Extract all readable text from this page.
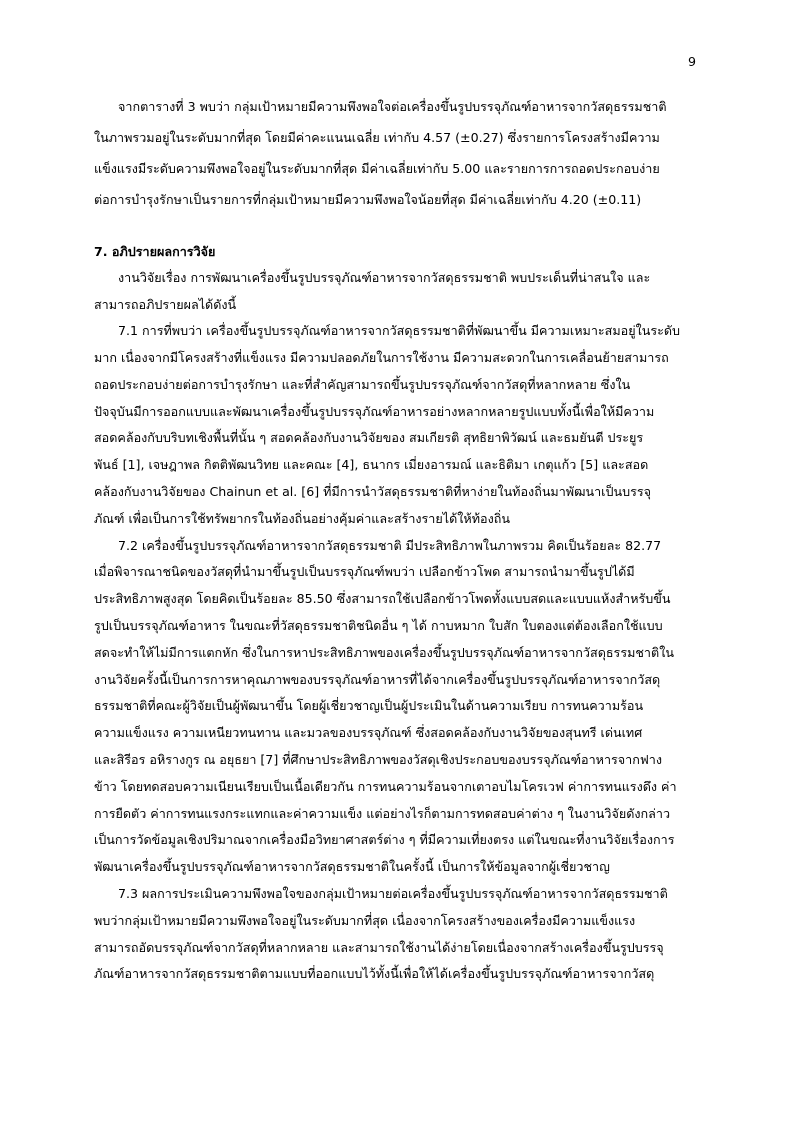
9
จากตารางที่ 3 พบว่า กลุ่มเป้าหมายมีความพึงพอใจต่อเครื่องขึ้นรูปบรรจุภัณฑ์อาหารจากวัสดุธรรมชาติ
ในภาพรวมอยู่ในระดับมากที่สุด โดยมีค่าคะแนนเฉลี่ย เท่ากับ 4.57 (±0.27) ซึ่งรายการโครงสร้างมีความ
แข็งแรงมีระดับความพึงพอใจอยู่ในระดับมากที่สุด มีค่าเฉลี่ยเท่ากับ 5.00 และรายการการถอดประกอบง่าย
ต่อการบำรุงรักษาเป็นรายการที่กลุ่มเป้าหมายมีความพึงพอใจน้อยที่สุด มีค่าเฉลี่ยเท่ากับ 4.20 (±0.11)
7. อภิปรายผลการวิจัย
งานวิจัยเรื่อง การพัฒนาเครื่องขึ้นรูปบรรจุภัณฑ์อาหารจากวัสดุธรรมชาติ พบประเด็นที่น่าสนใจ และ
สามารถอภิปรายผลได้ดังนี้
7.1 การที่พบว่า เครื่องขึ้นรูปบรรจุภัณฑ์อาหารจากวัสดุธรรมชาติที่พัฒนาขึ้น มีความเหมาะสมอยู่ในระดับ
มาก เนื่องจากมีโครงสร้างที่แข็งแรง มีความปลอดภัยในการใช้งาน มีความสะดวกในการเคลื่อนย้ายสามารถ
ถอดประกอบง่ายต่อการบำรุงรักษา และที่สำคัญสามารถขึ้นรูปบรรจุภัณฑ์จากวัสดุที่หลากหลาย ซึ่งใน
ปัจจุบันมีการออกแบบและพัฒนาเครื่องขึ้นรูปบรรจุภัณฑ์อาหารอย่างหลากหลายรูปแบบทั้งนี้เพื่อให้มีความ
สอดคล้องกับบริบทเชิงพื้นที่นั้น ๆ สอดคล้องกับงานวิจัยของ สมเกียรติ สุทธิยาพิวัฒน์ และธมยันตี ประยูร
พันธ์ [1], เจษฎาพล กิตติพัฒนวิทย และคณะ [4], ธนากร เมี่ยงอารมณ์ และธิติมา เกตุแก้ว [5] และสอด
คล้องกับงานวิจัยของ Chainun et al. [6] ที่มีการนำวัสดุธรรมชาติที่หาง่ายในท้องถิ่นมาพัฒนาเป็นบรรจุ
ภัณฑ์ เพื่อเป็นการใช้ทรัพยากรในท้องถิ่นอย่างคุ้มค่าและสร้างรายได้ให้ท้องถิ่น
7.2 เครื่องขึ้นรูปบรรจุภัณฑ์อาหารจากวัสดุธรรมชาติ มีประสิทธิภาพในภาพรวม คิดเป็นร้อยละ 82.77
เมื่อพิจารณาชนิดของวัสดุที่นำมาขึ้นรูปเป็นบรรจุภัณฑ์พบว่า เปลือกข้าวโพด สามารถนำมาขึ้นรูปได้มี
ประสิทธิภาพสูงสุด โดยคิดเป็นร้อยละ 85.50 ซึ่งสามารถใช้เปลือกข้าวโพดทั้งแบบสดและแบบแห้งสำหรับขึ้น
รูปเป็นบรรจุภัณฑ์อาหาร ในขณะที่วัสดุธรรมชาติชนิดอื่น ๆ ได้ กาบหมาก ใบสัก ใบตองแต่ต้องเลือกใช้แบบ
สดจะทำให้ไม่มีการแตกหัก ซึ่งในการหาประสิทธิภาพของเครื่องขึ้นรูปบรรจุภัณฑ์อาหารจากวัสดุธรรมชาติใน
งานวิจัยครั้งนี้เป็นการการหาคุณภาพของบรรจุภัณฑ์อาหารที่ได้จากเครื่องขึ้นรูปบรรจุภัณฑ์อาหารจากวัสดุ
ธรรมชาติที่คณะผู้วิจัยเป็นผู้พัฒนาขึ้น โดยผู้เชี่ยวชาญเป็นผู้ประเมินในด้านความเรียบ การทนความร้อน
ความแข็งแรง ความเหนียวทนทาน และมวลของบรรจุภัณฑ์ ซึ่งสอดคล้องกับงานวิจัยของสุนทรี เด่นเทศ
และสิรีอร อหิรางกูร ณ อยุธยา [7] ที่ศึกษาประสิทธิภาพของวัสดุเชิงประกอบของบรรจุภัณฑ์อาหารจากฟาง
ข้าว โดยทดสอบความเนียนเรียบเป็นเนื้อเดียวกัน การทนความร้อนจากเตาอบไมโครเวฟ ค่าการทนแรงดึง ค่า
การยืดตัว ค่าการทนแรงกระแทกและค่าความแข็ง แต่อย่างไรก็ตามการทดสอบค่าต่าง ๆ ในงานวิจัยดังกล่าว
เป็นการวัดข้อมูลเชิงปริมาณจากเครื่องมือวิทยาศาสตร์ต่าง ๆ ที่มีความเที่ยงตรง แต่ในขณะที่งานวิจัยเรื่องการ
พัฒนาเครื่องขึ้นรูปบรรจุภัณฑ์อาหารจากวัสดุธรรมชาติในครั้งนี้ เป็นการให้ข้อมูลจากผู้เชี่ยวชาญ
7.3 ผลการประเมินความพึงพอใจของกลุ่มเป้าหมายต่อเครื่องขึ้นรูปบรรจุภัณฑ์อาหารจากวัสดุธรรมชาติ
พบว่ากลุ่มเป้าหมายมีความพึงพอใจอยู่ในระดับมากที่สุด เนื่องจากโครงสร้างของเครื่องมีความแข็งแรง
สามารถอัดบรรจุภัณฑ์จากวัสดุที่หลากหลาย และสามารถใช้งานได้ง่ายโดยเนื่องจากสร้างเครื่องขึ้นรูปบรรจุ
ภัณฑ์อาหารจากวัสดุธรรมชาติตามแบบที่ออกแบบไว้ทั้งนี้เพื่อให้ได้เครื่องขึ้นรูปบรรจุภัณฑ์อาหารจากวัสดุ
